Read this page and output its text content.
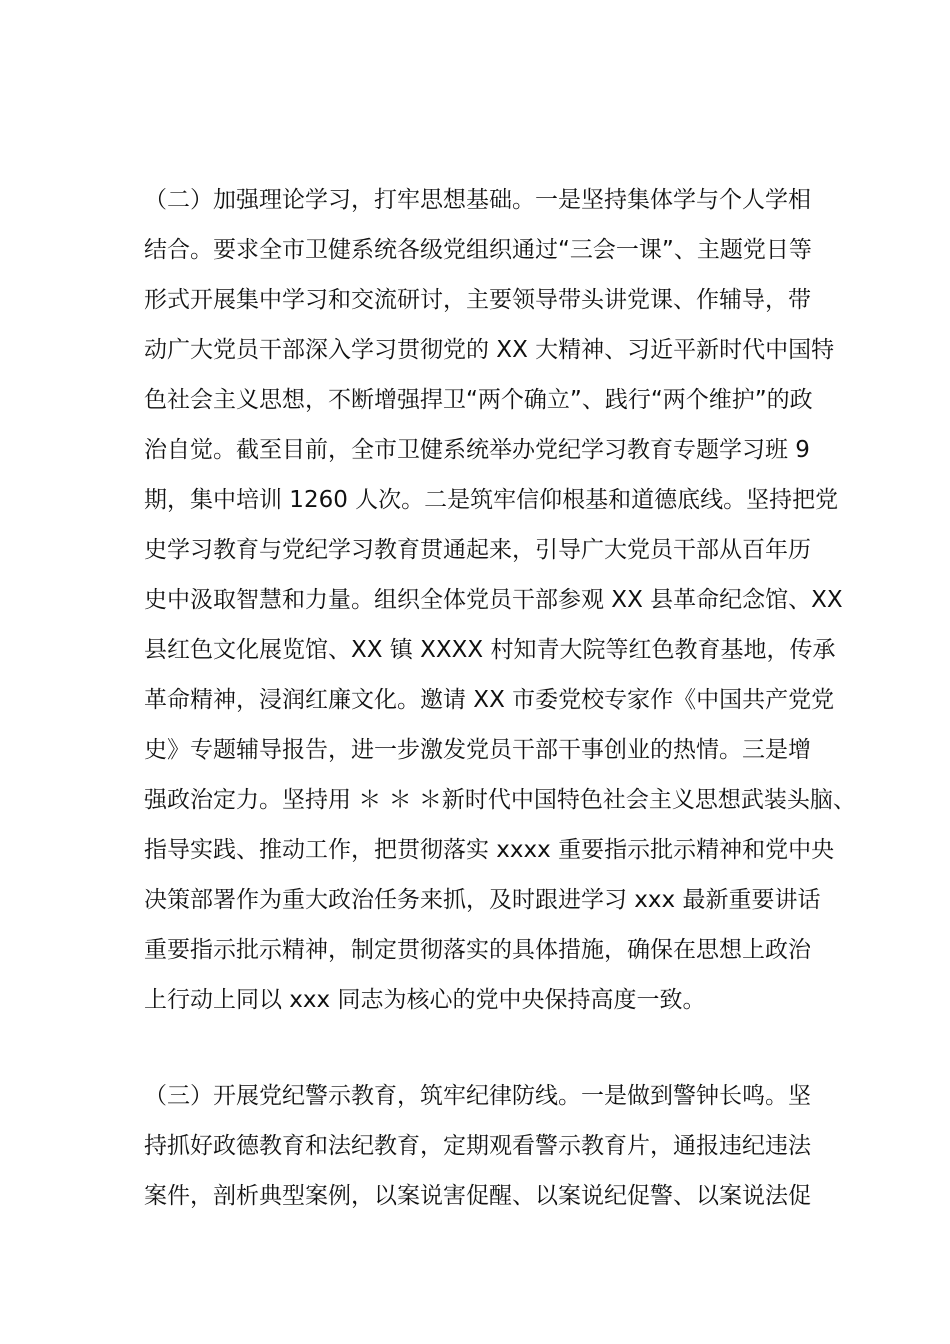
（二）加强理论学习，打牢思想基础。一是坚持集体学与个人学相
结合。要求全市卫健系统各级党组织通过“三会一课”、主题党日等
形式开展集中学习和交流研讨，主要领导带头讲党课、作辅导，带
动广大党员干部深入学习贯彻党的 XX 大精神、习近平新时代中国特
色社会主义思想，不断增强捍卫“两个确立”、践行“两个维护”的政
治自觉。截至目前，全市卫健系统举办党纪学习教育专题学习班 9
期，集中培训 1260 人次。二是筑牢信仰根基和道德底线。坚持把党
史学习教育与党纪学习教育贯通起来，引导广大党员干部从百年历
史中汲取智慧和力量。组织全体党员干部参观 XX 县革命纪念馆、XX
县红色文化展览馆、XX 镇 XXXX 村知青大院等红色教育基地，传承
革命精神，浸润红廉文化。邀请 XX 市委党校专家作《中国共产党党
史》专题辅导报告，进一步激发党员干部干事创业的热情。三是增
强政治定力。坚持用 ＊ ＊ ＊新时代中国特色社会主义思想武装头脑、
指导实践、推动工作，把贯彻落实 xxxx 重要指示批示精神和党中央
决策部署作为重大政治任务来抓，及时跟进学习 xxx 最新重要讲话
重要指示批示精神，制定贯彻落实的具体措施，确保在思想上政治
上行动上同以 xxx 同志为核心的党中央保持高度一致。
（三）开展党纪警示教育，筑牢纪律防线。一是做到警钟长鸣。坚
持抓好政德教育和法纪教育，定期观看警示教育片，通报违纪违法
案件，剖析典型案例，以案说害促醒、以案说纪促警、以案说法促
